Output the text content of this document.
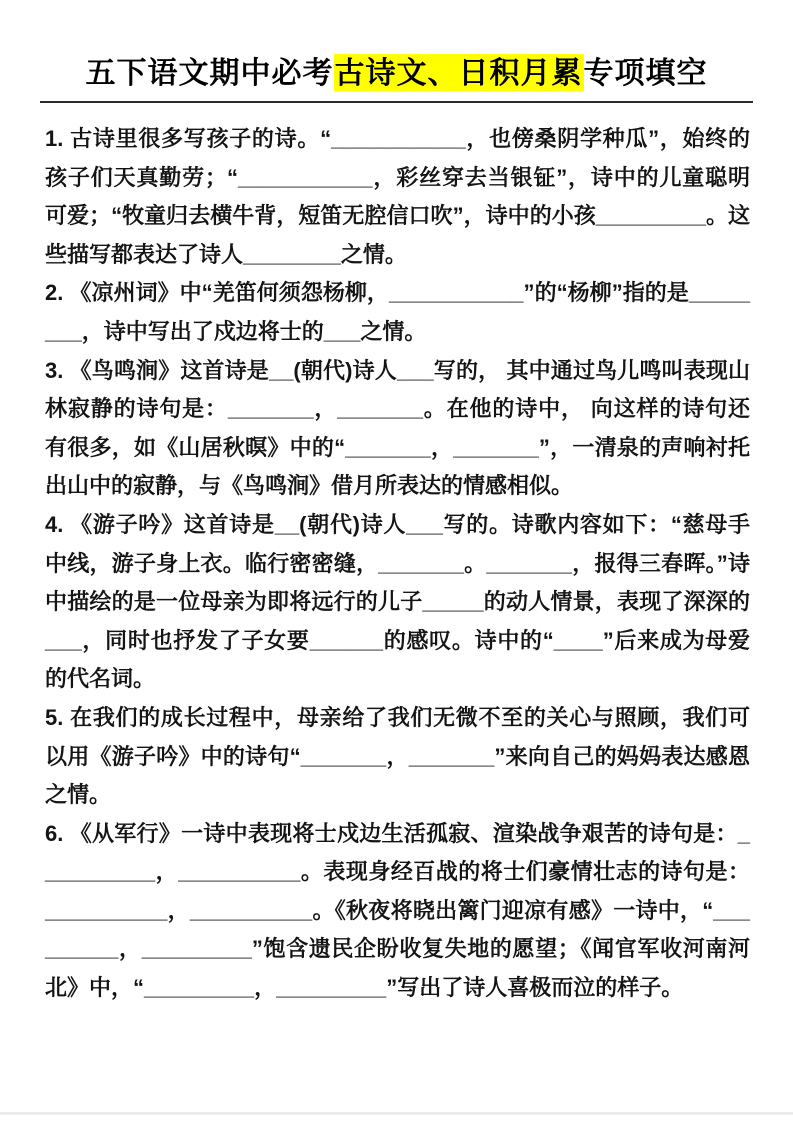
五下语文期中必考古诗文、日积月累专项填空

1. 古诗里很多写孩子的诗。“___________，也傍桑阴学种瓜”，始终的孩子们天真勤劳；“___________，彩丝穿去当银钲”，诗中的儿童聪明可爱；“牧童归去横牛背，短笛无腔信口吹”，诗中的小孩_________。这些描写都表达了诗人________之情。

2. 《凉州词》中“羌笛何须怨杨柳，___________”的“杨柳”指的是________，诗中写出了戍边将士的___之情。

3. 《鸟鸣涧》这首诗是__(朝代)诗人___写的， 其中通过鸟儿鸣叫表现山林寂静的诗句是：_______，_______。在他的诗中， 向这样的诗句还有很多，如《山居秋暝》中的“_______，_______”，一清泉的声响衬托出山中的寂静，与《鸟鸣涧》借月所表达的情感相似。

4. 《游子吟》这首诗是__(朝代)诗人___写的。诗歌内容如下：“慈母手中线，游子身上衣。临行密密缝，_______。_______，报得三春晖。”诗中描绘的是一位母亲为即将远行的儿子_____的动人情景，表现了深深的___，同时也抒发了子女要______的感叹。诗中的“____”后来成为母爱的代名词。

5. 在我们的成长过程中，母亲给了我们无微不至的关心与照顾，我们可以用《游子吟》中的诗句“_______，_______”来向自己的妈妈表达感恩之情。

6. 《从军行》一诗中表现将士戍边生活孤寂、渲染战争艰苦的诗句是：__________，__________。表现身经百战的将士们豪情壮志的诗句是：__________，__________。《秋夜将晓出篱门迎凉有感》一诗中，“_________，_________”饱含遗民企盼收复失地的愿望；《闻官军收河南河北》中，“_________，_________”写出了诗人喜极而泣的样子。
